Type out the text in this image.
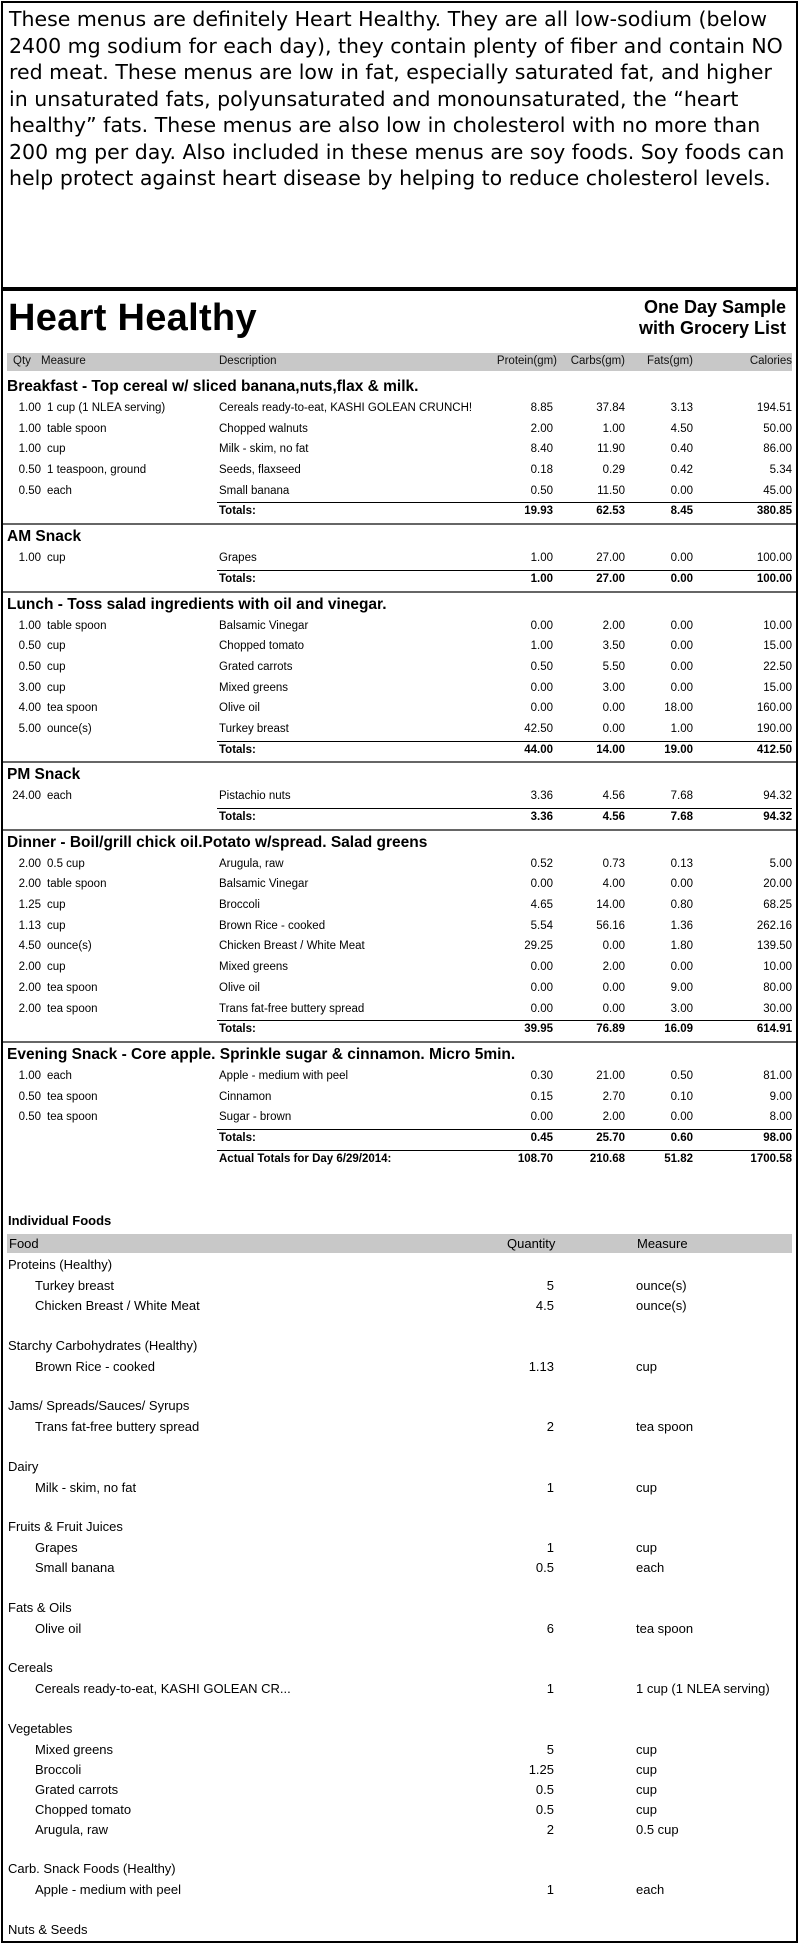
These menus are definitely Heart Healthy. They are all low-sodium (below 2400 mg sodium for each day), they contain plenty of fiber and contain NO red meat. These menus are low in fat, especially saturated fat, and higher in unsaturated fats, polyunsaturated and monounsaturated, the “heart healthy” fats. These menus are also low in cholesterol with no more than 200 mg per day. Also included in these menus are soy foods. Soy foods can help protect against heart disease by helping to reduce cholesterol levels.
Heart Healthy	One Day Sample
with Grocery List
Qty Measure	Description	Protein(gm) Carbs(gm) Fats(gm)	Calories
Breakfast - Top cereal w/ sliced banana,nuts,flax & milk.
1.00 1 cup (1 NLEA serving)	Cereals ready-to-eat, KASHI GOLEAN CRUNCH!	8.85	37.84	3.13	194.51
1.00 table spoon	Chopped walnuts	2.00	1.00	4.50	50.00
1.00 cup	Milk - skim, no fat	8.40	11.90	0.40	86.00
0.50 1 teaspoon, ground	Seeds, flaxseed	0.18	0.29	0.42	5.34
0.50 each	Small banana	0.50	11.50	0.00	45.00
Totals:	19.93	62.53	8.45	380.85
AM Snack
1.00 cup	Grapes	1.00	27.00	0.00	100.00
Totals:	1.00	27.00	0.00	100.00
Lunch - Toss salad ingredients with oil and vinegar.
1.00 table spoon	Balsamic Vinegar	0.00	2.00	0.00	10.00
0.50 cup	Chopped tomato	1.00	3.50	0.00	15.00
0.50 cup	Grated carrots	0.50	5.50	0.00	22.50
3.00 cup	Mixed greens	0.00	3.00	0.00	15.00
4.00 tea spoon	Olive oil	0.00	0.00	18.00	160.00
5.00 ounce(s)	Turkey breast	42.50	0.00	1.00	190.00
Totals:	44.00	14.00	19.00	412.50
PM Snack
24.00 each	Pistachio nuts	3.36	4.56	7.68	94.32
Totals:	3.36	4.56	7.68	94.32
Dinner - Boil/grill chick oil.Potato w/spread. Salad greens
2.00 0.5 cup	Arugula, raw	0.52	0.73	0.13	5.00
2.00 table spoon	Balsamic Vinegar	0.00	4.00	0.00	20.00
1.25 cup	Broccoli	4.65	14.00	0.80	68.25
1.13 cup	Brown Rice - cooked	5.54	56.16	1.36	262.16
4.50 ounce(s)	Chicken Breast / White Meat	29.25	0.00	1.80	139.50
2.00 cup	Mixed greens	0.00	2.00	0.00	10.00
2.00 tea spoon	Olive oil	0.00	0.00	9.00	80.00
2.00 tea spoon	Trans fat-free buttery spread	0.00	0.00	3.00	30.00
Totals:	39.95	76.89	16.09	614.91
Evening Snack - Core apple. Sprinkle sugar & cinnamon. Micro 5min.
1.00 each	Apple - medium with peel	0.30	21.00	0.50	81.00
0.50 tea spoon	Cinnamon	0.15	2.70	0.10	9.00
0.50 tea spoon	Sugar - brown	0.00	2.00	0.00	8.00
Totals:	0.45	25.70	0.60	98.00
Actual Totals for Day 6/29/2014:	108.70	210.68	51.82	1700.58
Individual Foods
Food	Quantity	Measure
Proteins (Healthy)
Turkey breast	5	ounce(s)
Chicken Breast / White Meat	4.5	ounce(s)
Starchy Carbohydrates (Healthy)
Brown Rice - cooked	1.13	cup
Jams/ Spreads/Sauces/ Syrups
Trans fat-free buttery spread	2	tea spoon
Dairy
Milk - skim, no fat	1	cup
Fruits & Fruit Juices
Grapes	1	cup
Small banana	0.5	each
Fats & Oils
Olive oil	6	tea spoon
Cereals
Cereals ready-to-eat, KASHI GOLEAN CR...	1	1 cup (1 NLEA serving)
Vegetables
Mixed greens	5	cup
Broccoli	1.25	cup
Grated carrots	0.5	cup
Chopped tomato	0.5	cup
Arugula, raw	2	0.5 cup
Carb. Snack Foods (Healthy)
Apple - medium with peel	1	each
Nuts & Seeds
